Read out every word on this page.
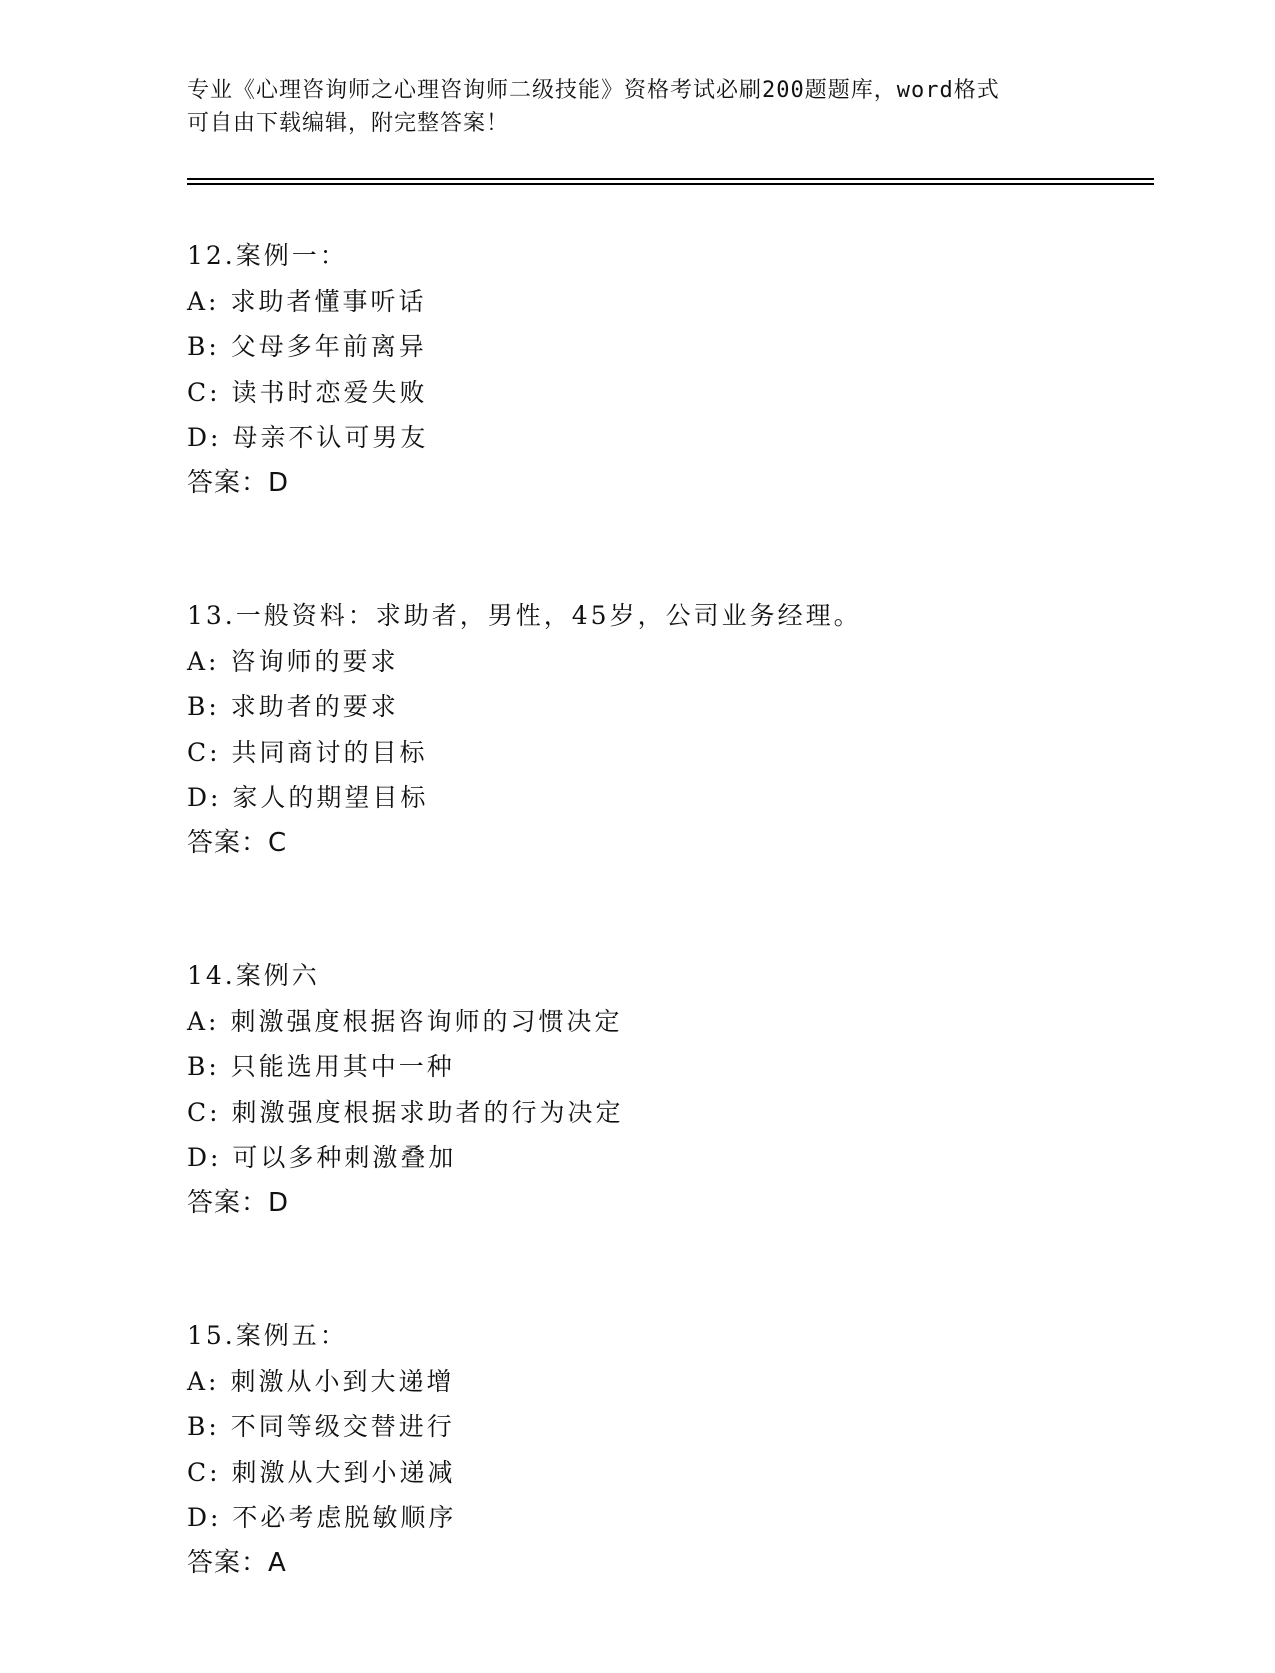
专业《心理咨询师之心理咨询师二级技能》资格考试必刷200题题库，word格式

可自由下载编辑，附完整答案！

12.案例一：
A: 求助者懂事听话
B: 父母多年前离异
C: 读书时恋爱失败
D: 母亲不认可男友
答案：D
13.一般资料：求助者，男性，45岁，公司业务经理。
A: 咨询师的要求
B: 求助者的要求
C: 共同商讨的目标
D: 家人的期望目标
答案：C
14.案例六
A: 刺激强度根据咨询师的习惯决定
B: 只能选用其中一种
C: 刺激强度根据求助者的行为决定
D: 可以多种刺激叠加
答案：D
15.案例五：
A: 刺激从小到大递增
B: 不同等级交替进行
C: 刺激从大到小递减
D: 不必考虑脱敏顺序
答案：A
